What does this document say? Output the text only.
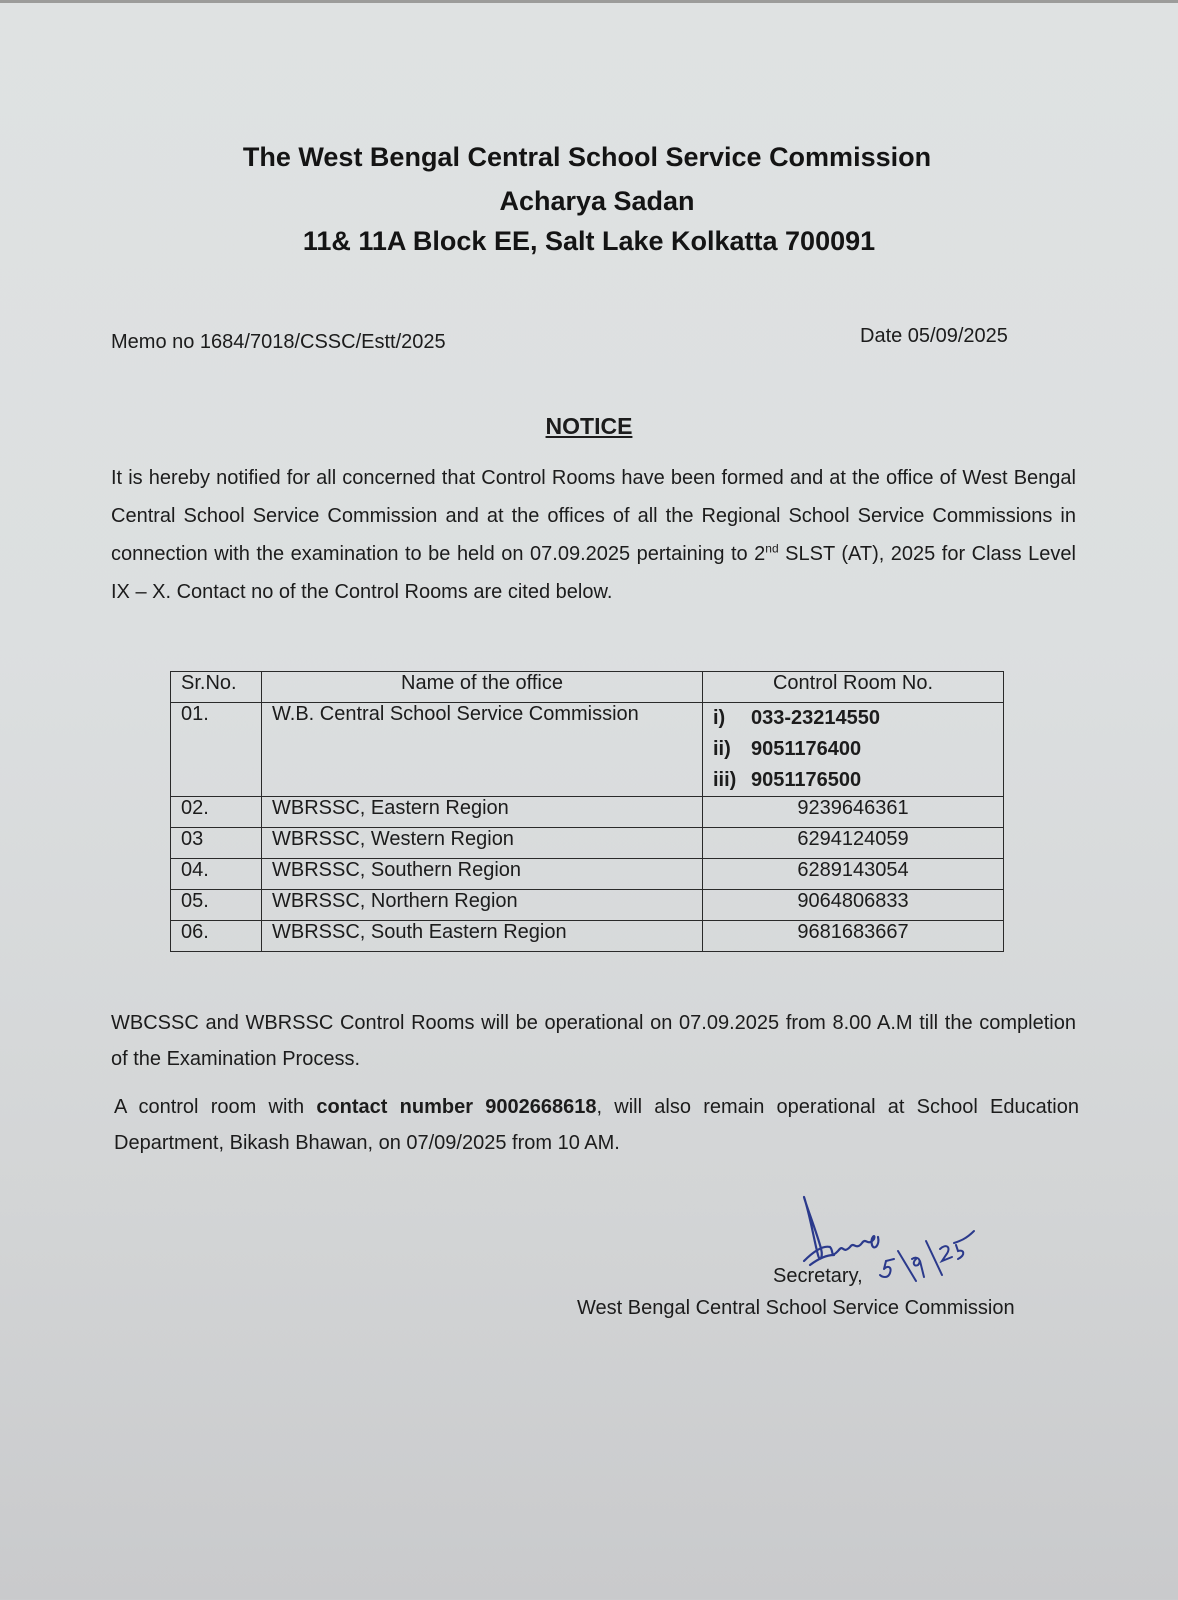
The West Bengal Central School Service Commission
Acharya Sadan
11& 11A Block EE, Salt Lake Kolkatta 700091
Memo no 1684/7018/CSSC/Estt/2025	Date 05/09/2025
NOTICE
It is hereby notified for all concerned that Control Rooms have been formed and at the office of West Bengal Central School Service Commission and at the offices of all the Regional School Service Commissions in connection with the examination to be held on 07.09.2025 pertaining to 2nd SLST (AT), 2025 for Class Level IX – X. Contact no of the Control Rooms are cited below.
Sr.No.	Name of the office	Control Room No.
01.	W.B. Central School Service Commission	i) 033-23214550
ii) 9051176400
iii) 9051176500

02.	WBRSSC, Eastern Region	9239646361
03	WBRSSC, Western Region	6294124059
04.	WBRSSC, Southern Region	6289143054
05.	WBRSSC, Northern Region	9064806833
06.	WBRSSC, South Eastern Region	9681683667
WBCSSC and WBRSSC Control Rooms will be operational on 07.09.2025 from 8.00 A.M till the completion of the Examination Process.
A control room with contact number 9002668618, will also remain operational at School Education Department, Bikash Bhawan, on 07/09/2025 from 10 AM.
Secretary,
West Bengal Central School Service Commission
